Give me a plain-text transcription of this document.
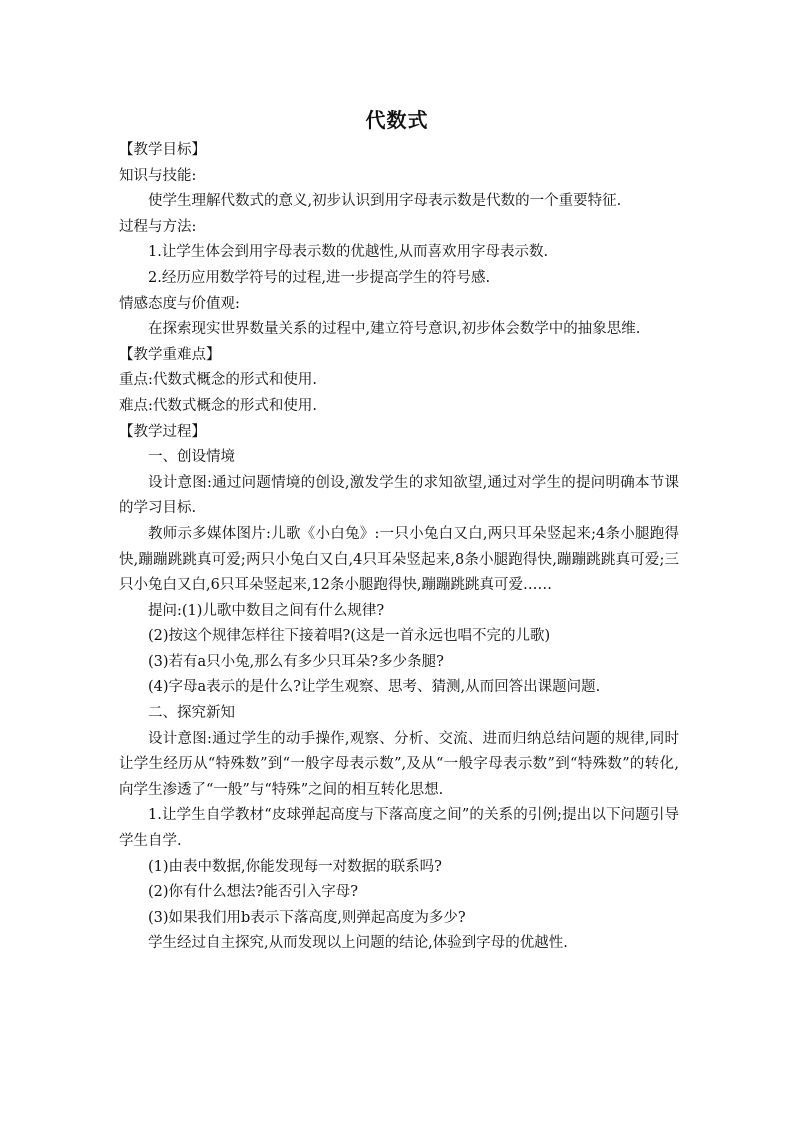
代数式
【教学目标】
知识与技能:
使学生理解代数式的意义,初步认识到用字母表示数是代数的一个重要特征.
过程与方法:
1.让学生体会到用字母表示数的优越性,从而喜欢用字母表示数.
2.经历应用数学符号的过程,进一步提高学生的符号感.
情感态度与价值观:
在探索现实世界数量关系的过程中,建立符号意识,初步体会数学中的抽象思维.
【教学重难点】
重点:代数式概念的形式和使用.
难点:代数式概念的形式和使用.
【教学过程】
一、创设情境
设计意图:通过问题情境的创设,激发学生的求知欲望,通过对学生的提问明确本节课的学习目标.
教师示多媒体图片:儿歌《小白兔》:一只小兔白又白,两只耳朵竖起来;4条小腿跑得快,蹦蹦跳跳真可爱;两只小兔白又白,4只耳朵竖起来,8条小腿跑得快,蹦蹦跳跳真可爱;三只小兔白又白,6只耳朵竖起来,12条小腿跑得快,蹦蹦跳跳真可爱……
提问:(1)儿歌中数目之间有什么规律?
(2)按这个规律怎样往下接着唱?(这是一首永远也唱不完的儿歌)
(3)若有a只小兔,那么有多少只耳朵?多少条腿?
(4)字母a表示的是什么?让学生观察、思考、猜测,从而回答出课题问题.
二、探究新知
设计意图:通过学生的动手操作,观察、分析、交流、进而归纳总结问题的规律,同时让学生经历从“特殊数”到“一般字母表示数”,及从“一般字母表示数”到“特殊数”的转化,向学生渗透了“一般”与“特殊”之间的相互转化思想.
1.让学生自学教材“皮球弹起高度与下落高度之间”的关系的引例;提出以下问题引导学生自学.
(1)由表中数据,你能发现每一对数据的联系吗?
(2)你有什么想法?能否引入字母?
(3)如果我们用b表示下落高度,则弹起高度为多少?
学生经过自主探究,从而发现以上问题的结论,体验到字母的优越性.
